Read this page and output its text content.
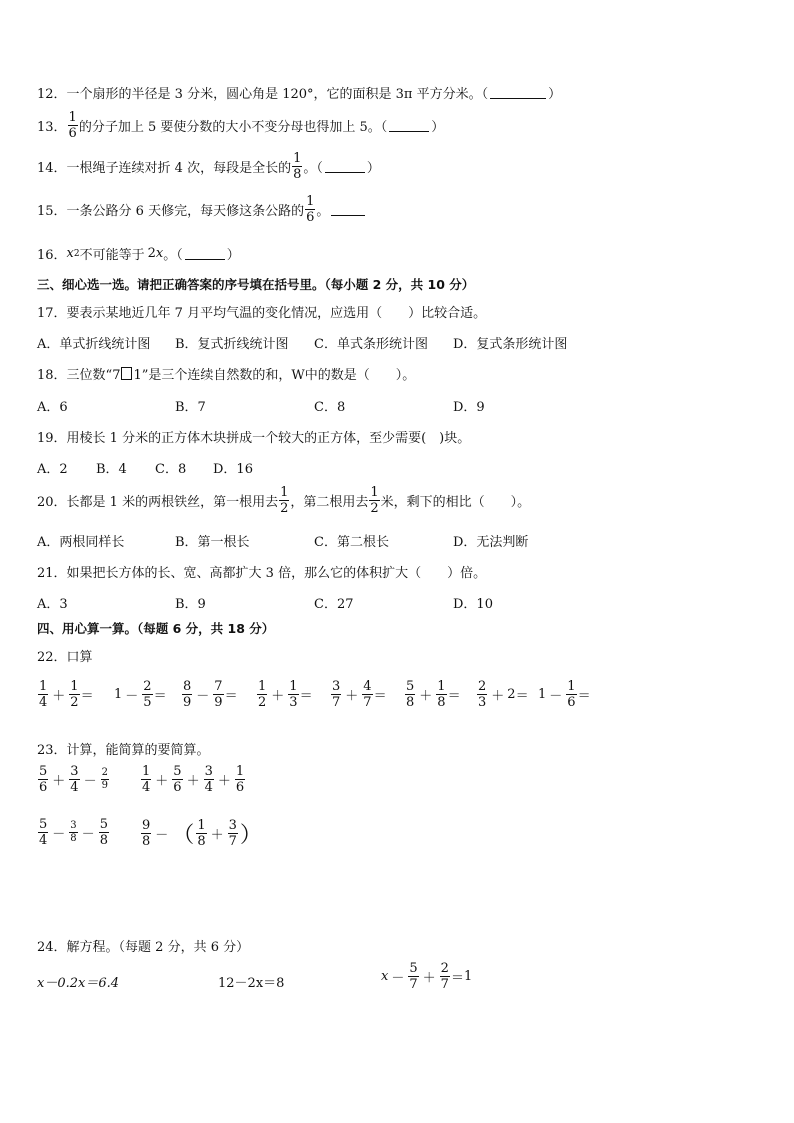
12．一个扇形的半径是 3 分米，圆心角是 120°，它的面积是 3π 平方分米。（	）
13． $\frac{1}{6}$ 的分子加上 5 要使分数的大小不变分母也得加上 5。（	）
14．一根绳子连续对折 4 次，每段是全长的 $\frac{1}{8}$ 。（	）
15．一条公路分 6 天修完，每天修这条公路的 $\frac{1}{6}$ 。
16． x 2 不可能等于 2 x 。（	）
三、细心选一选。请把正确答案的序号填在括号里。（每小题 2 分，共 10 分）
17．要表示某地近几年 7 月平均气温的变化情况，应选用（　　）比较合适。
A．单式折线统计图 B．复式折线统计图 C．单式条形统计图 D．复式条形统计图
18．三位数“7 1”是三个连续自然数的和，W中的数是（　　）。
A．6	B．7	C．8	D．9
19．用棱长 1 分米的正方体木块拼成一个较大的正方体，至少需要(　)块。
A．2 B．4 C．8 D．16
20．长都是 1 米的两根铁丝，第一根用去 $\frac{1}{2}$ ，第二根用去 $\frac{1}{2}$ 米，剩下的相比（　　）。
A．两根同样长	B．第一根长	C．第二根长	D．无法判断
21．如果把长方体的长、宽、高都扩大 3 倍，那么它的体积扩大（　　）倍。
A．3	B．9	C．27	D．10
四、用心算一算。（每题 6 分，共 18 分）
22．口算
$\frac{1}{4} + \frac{1}{2} = 1 - \frac{2}{5} = \frac{8}{9} - \frac{7}{9} = \frac{1}{2} + \frac{1}{3} = \frac{3}{7} + \frac{4}{7} = \frac{5}{8} + \frac{1}{8} = \frac{2}{3} + 2 = 1 - \frac{1}{6}$ ＝
23．计算，能简算的要简算。
$\frac{5}{6} + \frac{3}{4} - \frac{2}{9} \frac{1}{4} + \frac{5}{6} + \frac{3}{4} + \frac{1}{6}$
$\frac{5}{4} - \frac{3}{8} - \frac{5}{8} \frac{9}{8}$ － （ $\frac{1}{8} + \frac{3}{7}$ ）
24．解方程。（每题 2 分，共 6 分）
x－0.2x＝6.4	12－2x＝8	$x - \frac{5}{7} + \frac{2}{7} = 1$
